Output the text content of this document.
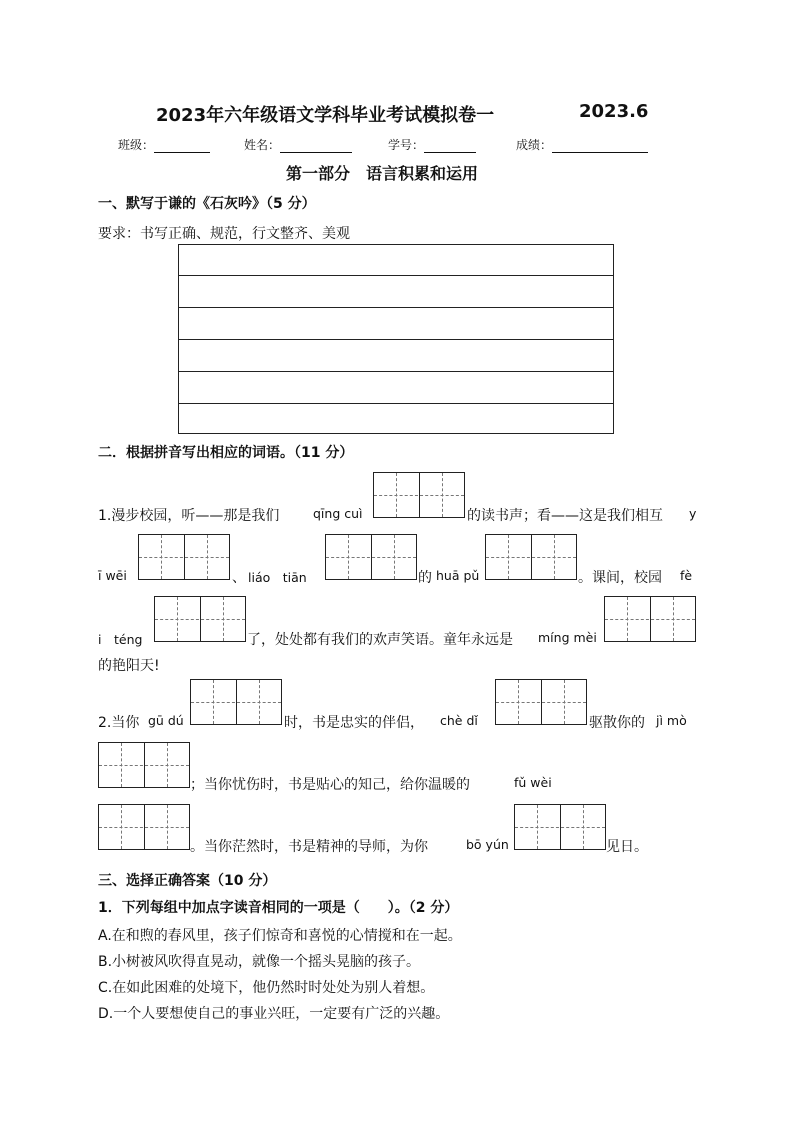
2023年六年级语文学科毕业考试模拟卷一	2023.6
班级：	姓名：	学号：	成绩：
第一部分　语言积累和运用
一、默写于谦的《石灰吟》（5 分）
要求：书写正确、规范，行文整齐、美观
二．根据拼音写出相应的词语。（11 分）
1.漫步校园，听——那是我们	qīng cuì	的读书声；看——这是我们相互 y
ī wēi	、 liáo　tiān	的 huā pǔ	。课间，校园 fè
i　téng	了，处处都有我们的欢声笑语。童年永远是 míng mèi
的艳阳天!
2.当你 gū dú	时，书是忠实的伴侣， chè dǐ	驱散你的 jì mò
；当你忧伤时，书是贴心的知己，给你温暖的	fǔ wèi
。当你茫然时，书是精神的导师，为你	bō yún	见日。
三、选择正确答案（10 分）
1．下列每组中加点字读音相同的一项是（　　）。（2 分）
A.在和煦的春风里，孩子们惊奇和喜悦的心情搅和在一起。
B.小树被风吹得直晃动，就像一个摇头晃脑的孩子。
C.在如此困难的处境下，他仍然时时处处为别人着想。
D.一个人要想使自己的事业兴旺，一定要有广泛的兴趣。
